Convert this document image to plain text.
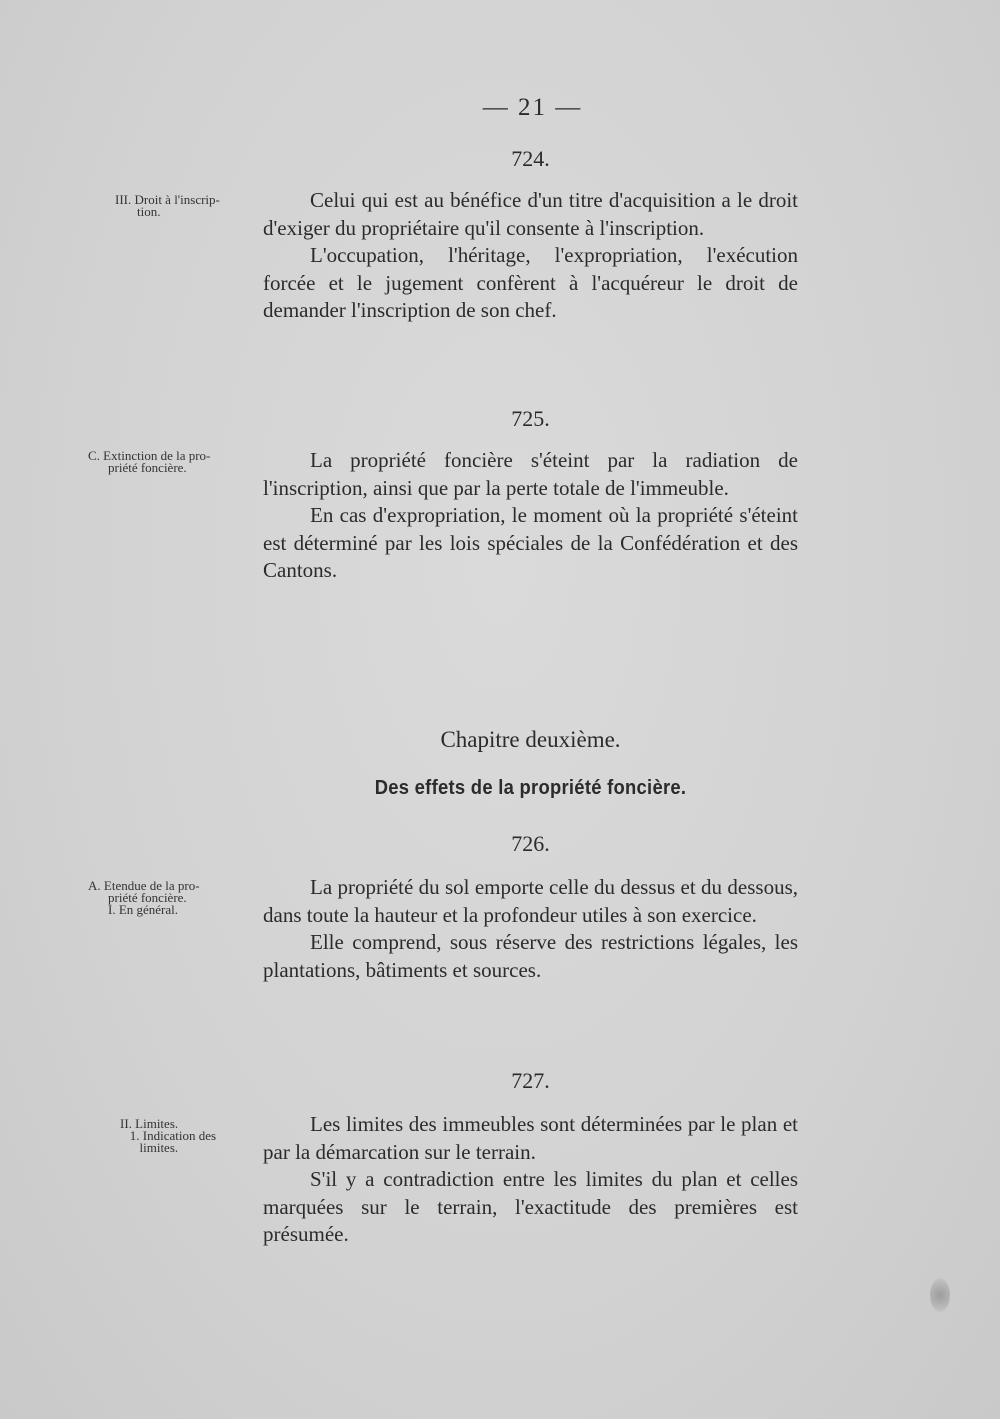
— 21 —
724.
III. Droit à l'inscrip-
tion.	Celui qui est au bénéfice d'un titre d'acquisition a le droit d'exiger du propriétaire qu'il consente à l'inscription.

L'occupation, l'héritage, l'expropriation, l'exécution forcée et le jugement confèrent à l'acquéreur le droit de demander l'inscription de son chef.

725.
C. Extinction de la pro-
priété foncière.	La propriété foncière s'éteint par la radiation de l'inscription, ainsi que par la perte totale de l'immeuble.

En cas d'expropriation, le moment où la propriété s'éteint est déterminé par les lois spéciales de la Confédération et des Cantons.

Chapitre deuxième.
Des effets de la propriété foncière.
726.
A. Etendue de la pro-
priété foncière.
I. En général.

La propriété du sol emporte celle du dessus et du dessous, dans toute la hauteur et la profondeur utiles à son exercice.

Elle comprend, sous réserve des restrictions légales, les plantations, bâtiments et sources.

727.
II. Limites.
1. Indication des
limites.

Les limites des immeubles sont déterminées par le plan et par la démarcation sur le terrain.

S'il y a contradiction entre les limites du plan et celles marquées sur le terrain, l'exactitude des premières est présumée.
